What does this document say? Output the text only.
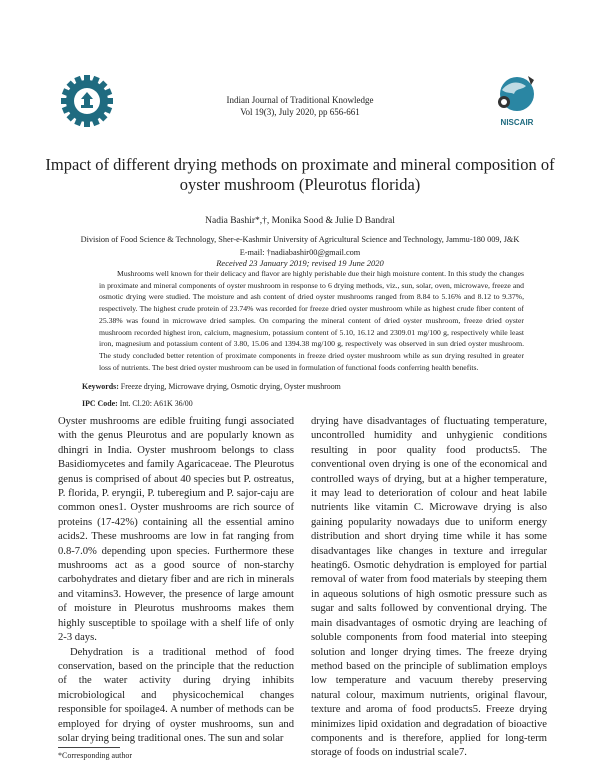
Indian Journal of Traditional Knowledge
Vol 19(3), July 2020, pp 656-661
NISCAIR
Impact of different drying methods on proximate and mineral composition of oyster mushroom (Pleurotus florida)
Nadia Bashir*,†, Monika Sood & Julie D Bandral
Division of Food Science & Technology, Sher-e-Kashmir University of Agricultural Science and Technology, Jammu-180 009, J&K
E-mail: †nadiabashir00@gmail.com
Received 23 January 2019; revised 19 June 2020
Mushrooms well known for their delicacy and flavor are highly perishable due their high moisture content. In this study the changes in proximate and mineral components of oyster mushroom in response to 6 drying methods, viz., sun, solar, oven, microwave, freeze and osmotic drying were studied. The moisture and ash content of dried oyster mushrooms ranged from 8.84 to 5.16% and 8.12 to 9.37%, respectively. The highest crude protein of 23.74% was recorded for freeze dried oyster mushroom while as highest crude fiber content of 25.38% was found in microwave dried samples. On comparing the mineral content of dried oyster mushroom, freeze dried oyster mushroom recorded highest iron, calcium, magnesium, potassium content of 5.10, 16.12 and 2309.01 mg/100 g, respectively while least iron, magnesium and potassium content of 3.80, 15.06 and 1394.38 mg/100 g, respectively was observed in sun dried oyster mushroom. The study concluded better retention of proximate components in freeze dried oyster mushroom while as sun drying resulted in greater loss of nutrients. The best dried oyster mushroom can be used in formulation of functional foods conferring health benefits.
Keywords: Freeze drying, Microwave drying, Osmotic drying, Oyster mushroom
IPC Code: Int. Cl.20: A61K 36/00

Oyster mushrooms are edible fruiting fungi associated with the genus Pleurotus and are popularly known as dhingri in India. Oyster mushroom belongs to class Basidiomycetes and family Agaricaceae. The Pleurotus genus is comprised of about 40 species but P. ostreatus, P. florida, P. eryngii, P. tuberegium and P. sajor-caju are common ones1. Oyster mushrooms are rich source of proteins (17-42%) containing all the essential amino acids2. These mushrooms are low in fat ranging from 0.8-7.0% depending upon species. Furthermore these mushrooms act as a good source of non-starchy carbohydrates and dietary fiber and are rich in minerals and vitamins3. However, the presence of large amount of moisture in Pleurotus mushrooms makes them highly susceptible to spoilage with a shelf life of only 2-3 days.

Dehydration is a traditional method of food conservation, based on the principle that the reduction of the water activity during drying inhibits microbiological and physicochemical changes responsible for spoilage4. A number of methods can be employed for drying of oyster mushrooms, sun and solar drying being traditional ones. The sun and solar

drying have disadvantages of fluctuating temperature, uncontrolled humidity and unhygienic conditions resulting in poor quality food products5. The conventional oven drying is one of the economical and controlled ways of drying, but at a higher temperature, it may lead to deterioration of colour and heat labile nutrients like vitamin C. Microwave drying is also gaining popularity nowadays due to uniform energy distribution and short drying time while it has some disadvantages like changes in texture and irregular heating6. Osmotic dehydration is employed for partial removal of water from food materials by steeping them in aqueous solutions of high osmotic pressure such as sugar and salts followed by conventional drying. The main disadvantages of osmotic drying are leaching of soluble components from food material into steeping solution and longer drying times. The freeze drying method based on the principle of sublimation employs low temperature and vacuum thereby preserving natural colour, maximum nutrients, original flavour, texture and aroma of food products5. Freeze drying minimizes lipid oxidation and degradation of bioactive components and is therefore, applied for long-term storage of foods on industrial scale7.

*Corresponding author
